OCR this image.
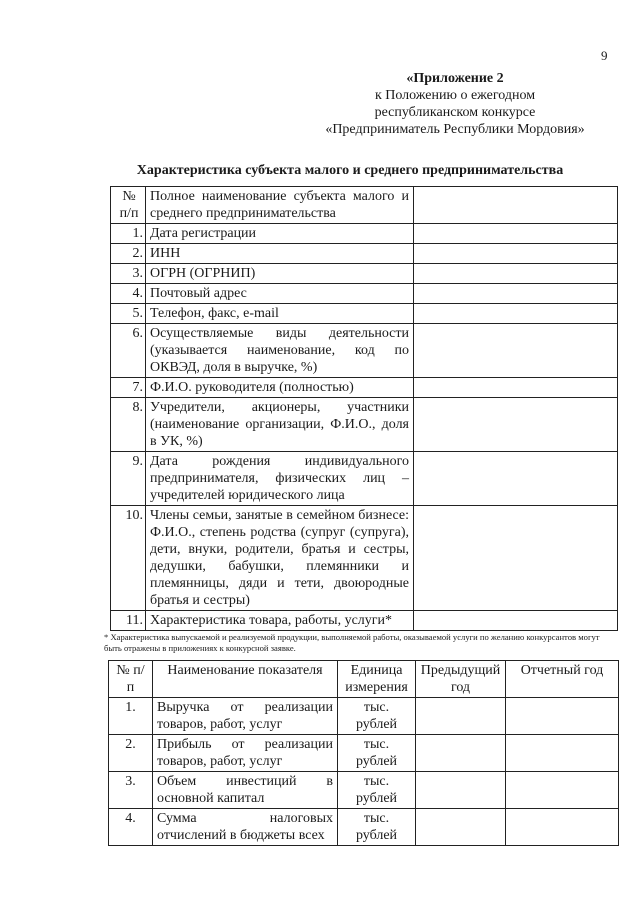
9
«Приложение 2
к Положению о ежегодном
республиканском конкурсе
«Предприниматель Республики Мордовия»
Характеристика субъекта малого и среднего предпринимательства
№ п/п	Полное наименование субъекта малого и среднего предпринимательства	
1.	Дата регистрации	
2.	ИНН	
3.	ОГРН (ОГРНИП)	
4.	Почтовый адрес	
5.	Телефон, факс, e-mail	
6.	Осуществляемые виды деятельности (указывается наименование, код по ОКВЭД, доля в выручке, %)	
7.	Ф.И.О. руководителя (полностью)	
8.	Учредители, акционеры, участники (наименование организации, Ф.И.О., доля в УК, %)	
9.	Дата рождения индивидуального предпринимателя, физических лиц – учредителей юридического лица	
10.	Члены семьи, занятые в семейном бизнесе: Ф.И.О., степень родства (супруг (супруга), дети, внуки, родители, братья и сестры, дедушки, бабушки, племянники и племянницы, дяди и тети, двоюродные братья и сестры)	
11.	Характеристика товара, работы, услуги*	
* Характеристика выпускаемой и реализуемой продукции, выполняемой работы, оказываемой услуги по желанию конкурсантов могут быть отражены в приложениях к конкурсной заявке.
№ п/п	Наименование показателя	Единица измерения	Предыдущий год	Отчетный год
1.	Выручка от реализации товаров, работ, услуг	тыс. рублей		
2.	Прибыль от реализации товаров, работ, услуг	тыс. рублей		
3.	Объем инвестиций в основной капитал	тыс. рублей		
4.	Сумма налоговых отчислений в бюджеты всех	тыс. рублей		
